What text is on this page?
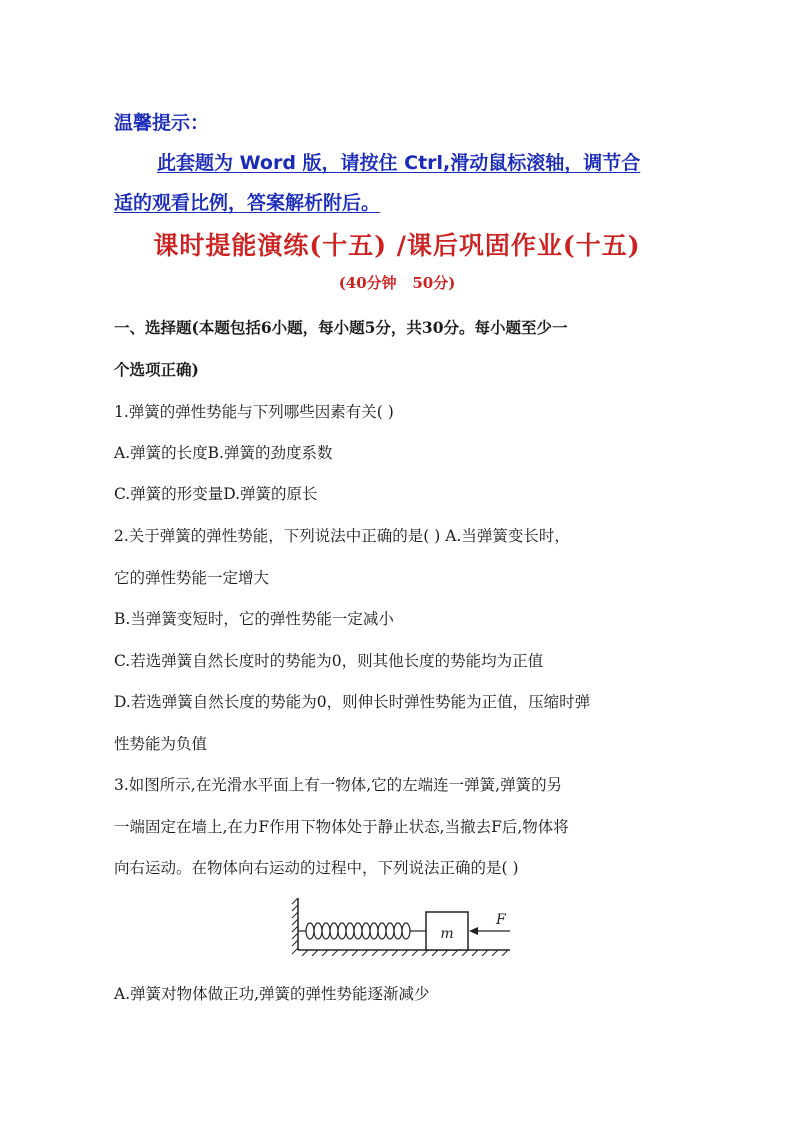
温馨提示：
此套题为 Word 版，请按住 Ctrl,滑动鼠标滚轴，调节合
适的观看比例，答案解析附后。
课时提能演练(十五) /课后巩固作业(十五)
(40分钟   50分)
一、选择题(本题包括6小题，每小题5分，共30分。每小题至少一
个选项正确)
1.弹簧的弹性势能与下列哪些因素有关( )
A.弹簧的长度B.弹簧的劲度系数
C.弹簧的形变量D.弹簧的原长
2.关于弹簧的弹性势能，下列说法中正确的是( ) A.当弹簧变长时，
它的弹性势能一定增大
B.当弹簧变短时，它的弹性势能一定减小
C.若选弹簧自然长度时的势能为0，则其他长度的势能均为正值
D.若选弹簧自然长度的势能为0，则伸长时弹性势能为正值，压缩时弹
性势能为负值
3.如图所示,在光滑水平面上有一物体,它的左端连一弹簧,弹簧的另
一端固定在墙上,在力F作用下物体处于静止状态,当撤去F后,物体将
向右运动。在物体向右运动的过程中，下列说法正确的是( )
m
F
A.弹簧对物体做正功,弹簧的弹性势能逐渐减少
